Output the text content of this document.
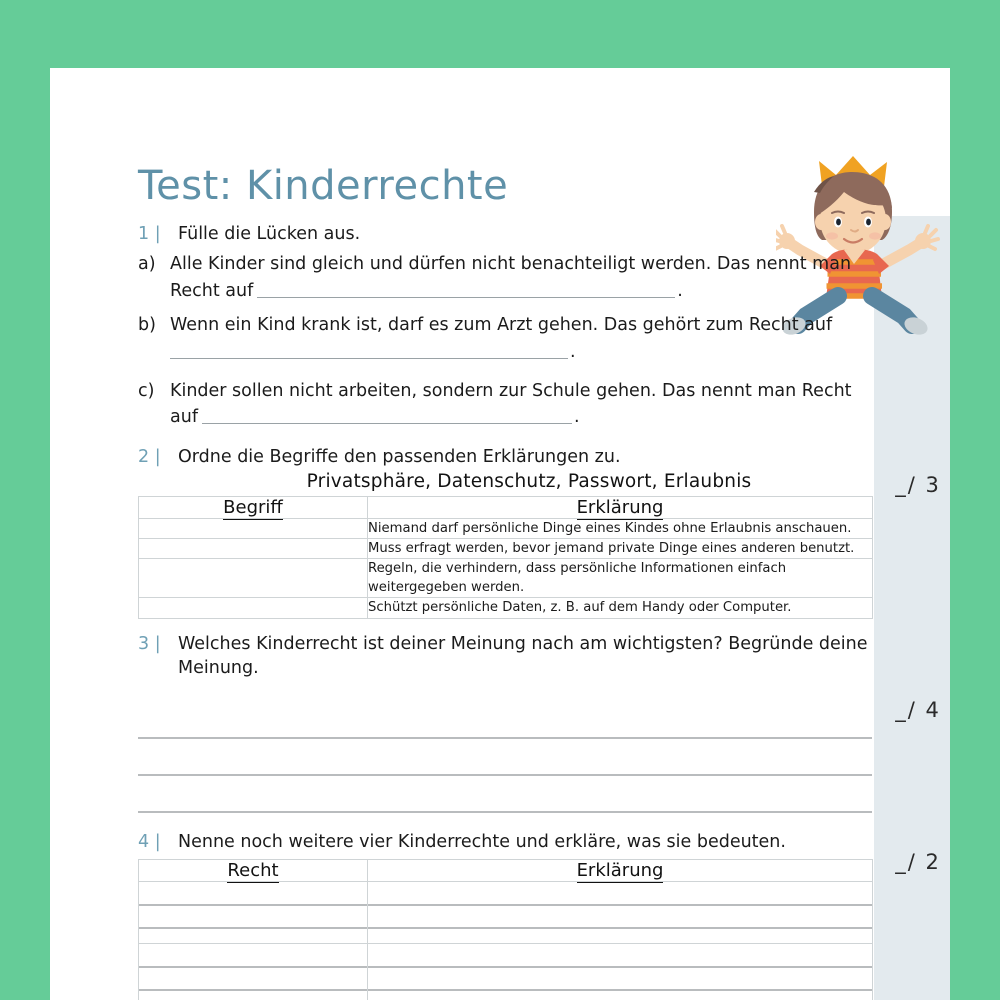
_/ 3
_/ 4
_/ 2
Test: Kinderrechte
1 | Fülle die Lücken aus.
a) Alle Kinder sind gleich und dürfen nicht benachteiligt werden. Das nennt man Recht auf	.
b) Wenn ein Kind krank ist, darf es zum Arzt gehen. Das gehört zum Recht auf
.
c) Kinder sollen nicht arbeiten, sondern zur Schule gehen. Das nennt man Recht auf	.
2 | Ordne die Begriffe den passenden Erklärungen zu.
Privatsphäre, Datenschutz, Passwort, Erlaubnis
Begriff	Erklärung
	Niemand darf persönliche Dinge eines Kindes ohne Erlaubnis anschauen.
	Muss erfragt werden, bevor jemand private Dinge eines anderen benutzt.
	Regeln, die verhindern, dass persönliche Informationen einfach weitergegeben werden.
	Schützt persönliche Daten, z. B. auf dem Handy oder Computer.
3 | Welches Kinderrecht ist deiner Meinung nach am wichtigsten? Begründe deine Meinung.
4 | Nenne noch weitere vier Kinderrechte und erkläre, was sie bedeuten.
Recht	Erklärung
